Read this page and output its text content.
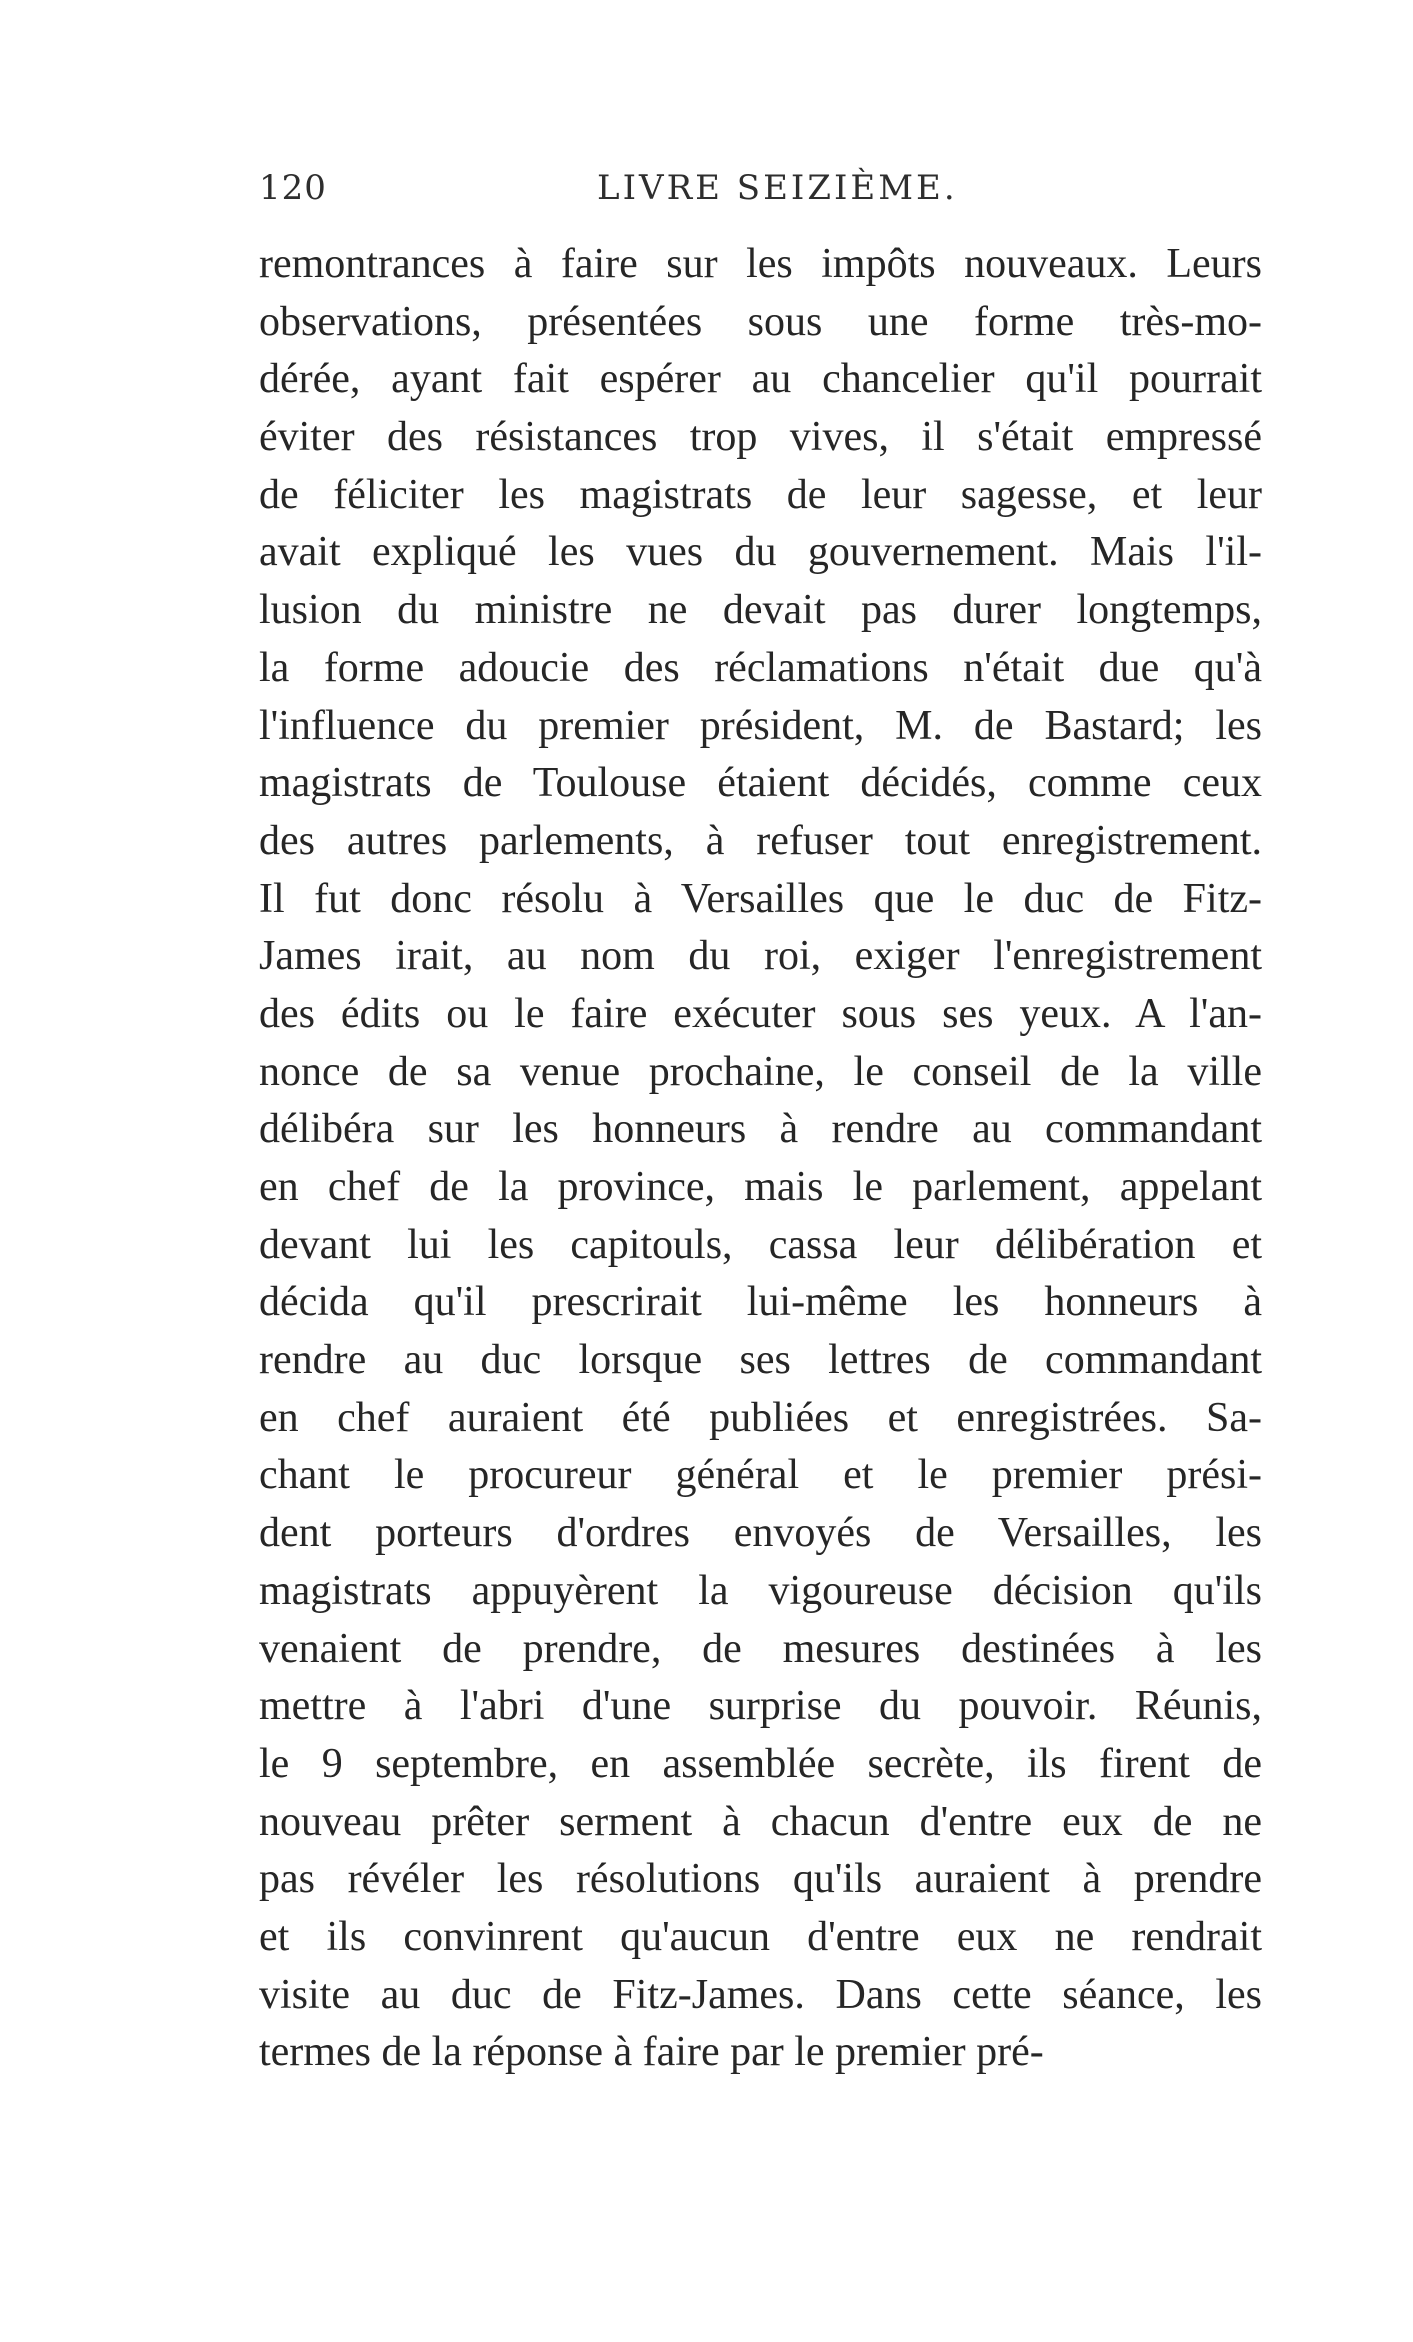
120	LIVRE SEIZIÈME.
remontrances à faire sur les impôts nouveaux. Leurs
observations, présentées sous une forme très-mo-
dérée, ayant fait espérer au chancelier qu'il pourrait
éviter des résistances trop vives, il s'était empressé
de féliciter les magistrats de leur sagesse, et leur
avait expliqué les vues du gouvernement. Mais l'il-
lusion du ministre ne devait pas durer longtemps,
la forme adoucie des réclamations n'était due qu'à
l'influence du premier président, M. de Bastard; les
magistrats de Toulouse étaient décidés, comme ceux
des autres parlements, à refuser tout enregistrement.
Il fut donc résolu à Versailles que le duc de Fitz-
James irait, au nom du roi, exiger l'enregistrement
des édits ou le faire exécuter sous ses yeux. A l'an-
nonce de sa venue prochaine, le conseil de la ville
délibéra sur les honneurs à rendre au commandant
en chef de la province, mais le parlement, appelant
devant lui les capitouls, cassa leur délibération et
décida qu'il prescrirait lui-même les honneurs à
rendre au duc lorsque ses lettres de commandant
en chef auraient été publiées et enregistrées. Sa-
chant le procureur général et le premier prési-
dent porteurs d'ordres envoyés de Versailles, les
magistrats appuyèrent la vigoureuse décision qu'ils
venaient de prendre, de mesures destinées à les
mettre à l'abri d'une surprise du pouvoir. Réunis,
le 9 septembre, en assemblée secrète, ils firent de
nouveau prêter serment à chacun d'entre eux de ne
pas révéler les résolutions qu'ils auraient à prendre
et ils convinrent qu'aucun d'entre eux ne rendrait
visite au duc de Fitz-James. Dans cette séance, les
termes de la réponse à faire par le premier pré-
